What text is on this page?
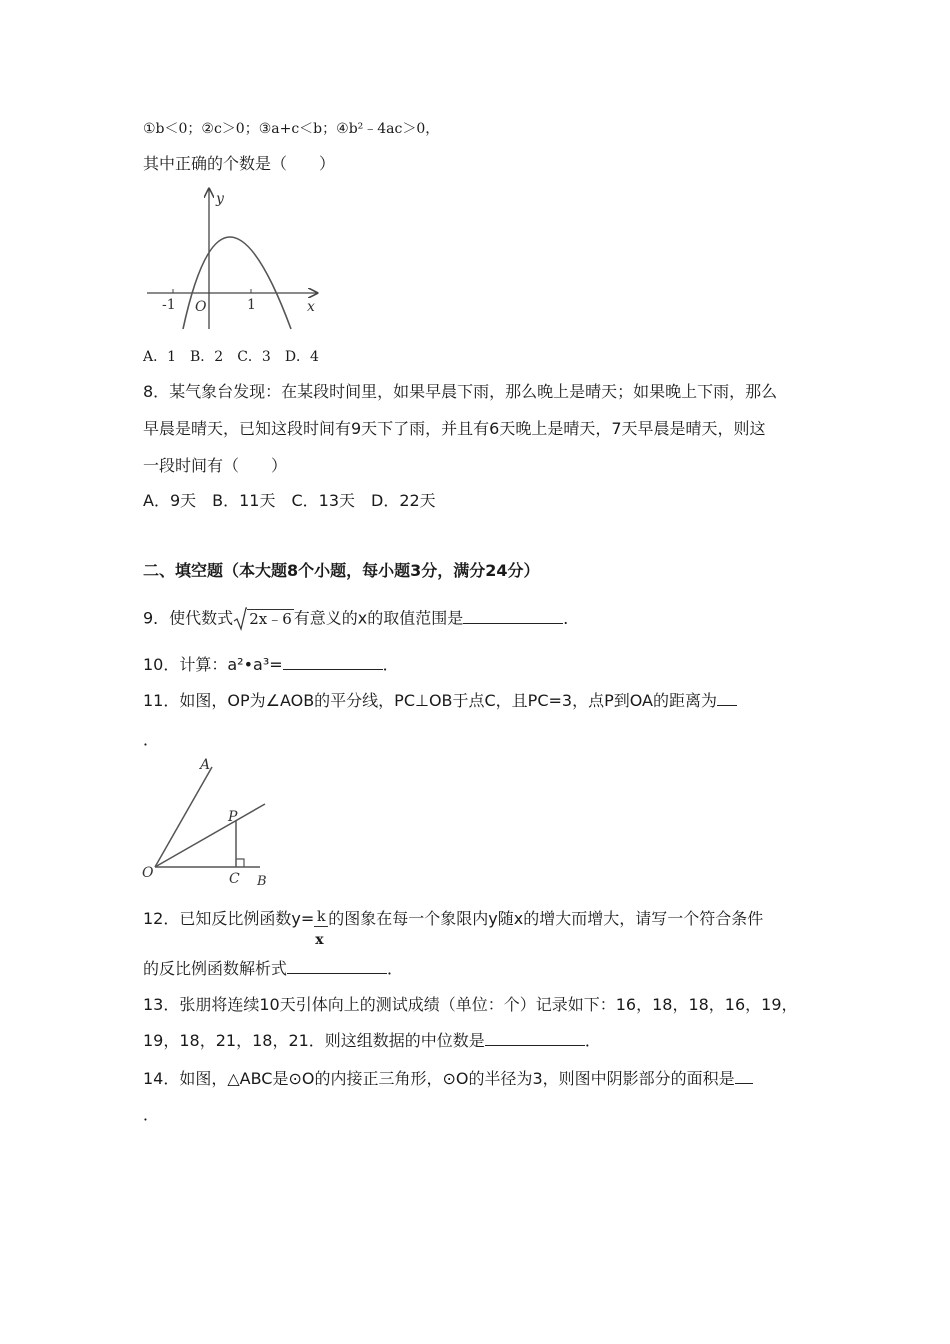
①b＜0；②c＞0；③a+c＜b；④b²﹣4ac＞0，
其中正确的个数是（　　）
y
x
O
-1	1
A．1　B．2　C．3　D．4
8．某气象台发现：在某段时间里，如果早晨下雨，那么晚上是晴天；如果晚上下雨，那么
早晨是晴天，已知这段时间有9天下了雨，并且有6天晚上是晴天，7天早晨是晴天，则这
一段时间有（　　）
A．9天　B．11天　C．13天　D．22天
二、填空题（本大题8个小题，每小题3分，满分24分）
9．使代数式 2x﹣6 有意义的x的取值范围是	．
10．计算：a²•a³=	．
11．如图，OP为∠AOB的平分线，PC⊥OB于点C，且PC=3，点P到OA的距离为
．
A
P
O	C B
12．已知反比例函数$y= \frac{k}{x}$ 的图象在每一个象限内y随x的增大而增大，请写一个符合条件
的反比例函数解析式	．
13．张朋将连续10天引体向上的测试成绩（单位：个）记录如下：16，18，18，16，19，
19，18，21，18，21．则这组数据的中位数是	．
14．如图，△ABC是⊙O的内接正三角形，⊙O的半径为3，则图中阴影部分的面积是
．
